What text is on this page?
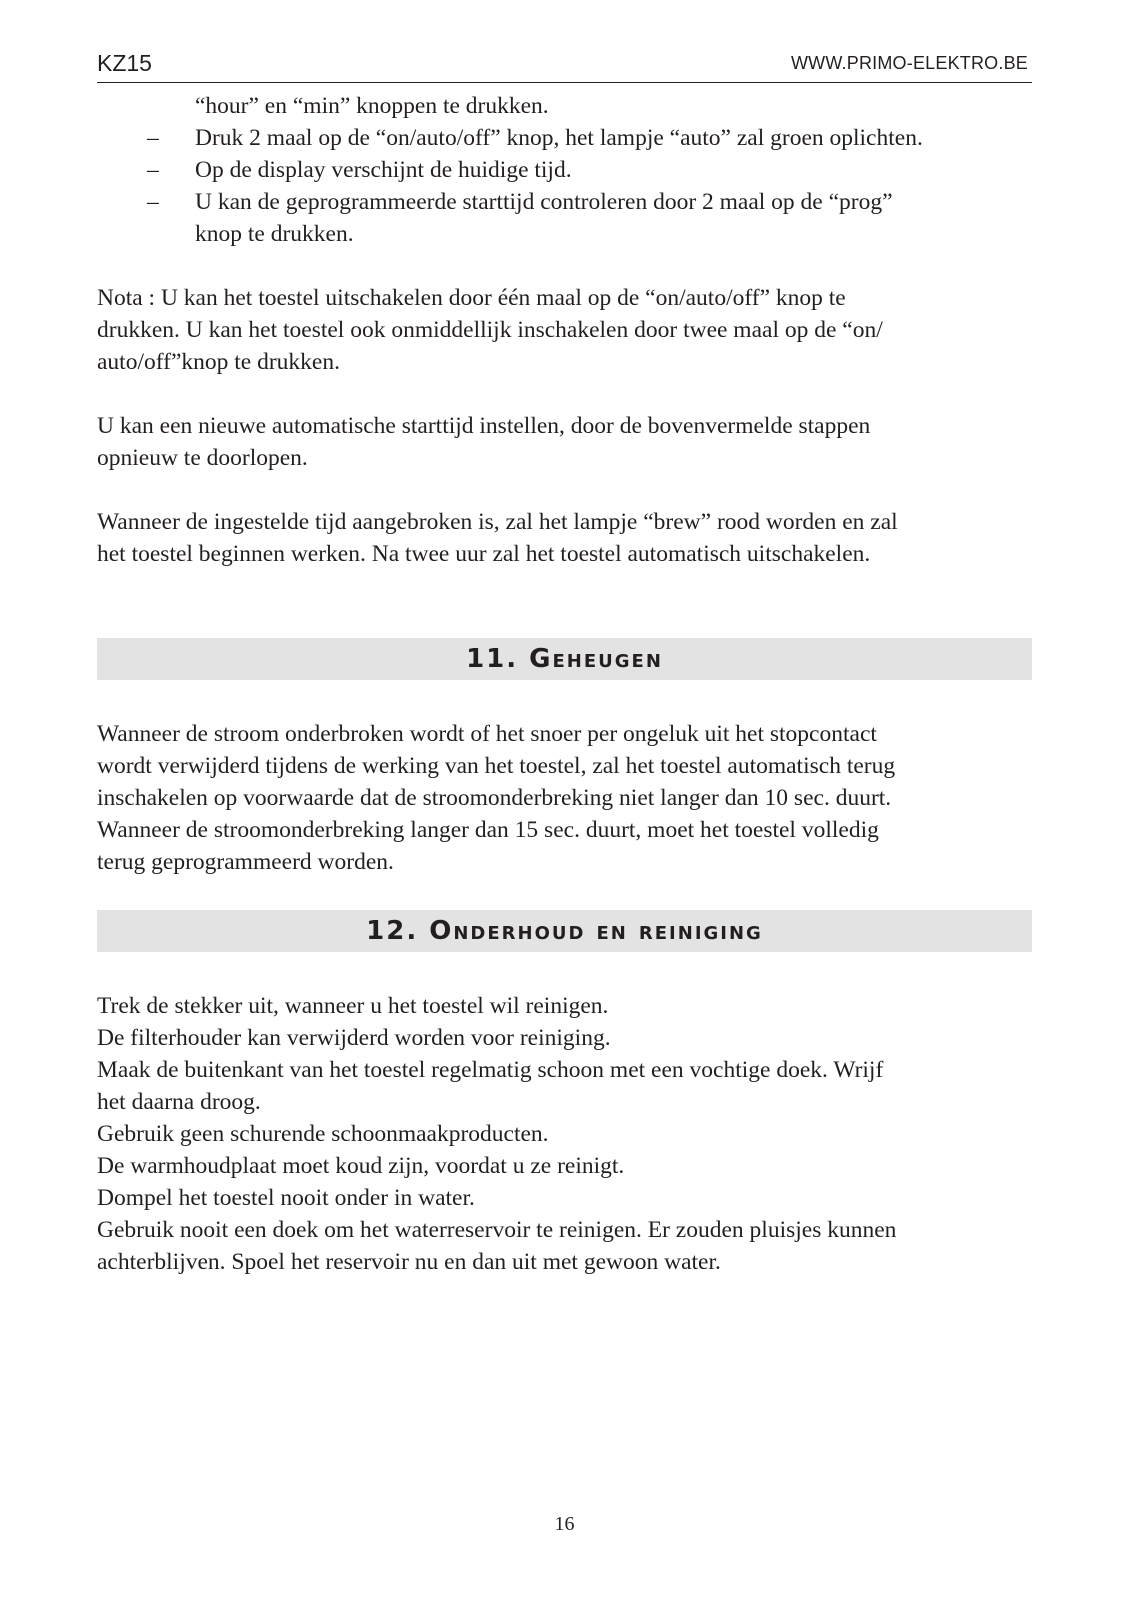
KZ15	WWW.PRIMO-ELEKTRO.BE
“hour” en “min” knoppen te drukken.
– Druk 2 maal op de “on/auto/off” knop, het lampje “auto” zal groen oplichten.
– Op de display verschijnt de huidige tijd.
– U kan de geprogrammeerde starttijd controleren door 2 maal op de “prog”
knop te drukken.
Nota : U kan het toestel uitschakelen door één maal op de “on/auto/off” knop te
drukken. U kan het toestel ook onmiddellijk inschakelen door twee maal op de “on/
auto/off”knop te drukken.
U kan een nieuwe automatische starttijd instellen, door de bovenvermelde stappen
opnieuw te doorlopen.
Wanneer de ingestelde tijd aangebroken is, zal het lampje “brew” rood worden en zal
het toestel beginnen werken. Na twee uur zal het toestel automatisch uitschakelen.
11. Geheugen
Wanneer de stroom onderbroken wordt of het snoer per ongeluk uit het stopcontact
wordt verwijderd tijdens de werking van het toestel, zal het toestel automatisch terug
inschakelen op voorwaarde dat de stroomonderbreking niet langer dan 10 sec. duurt.
Wanneer de stroomonderbreking langer dan 15 sec. duurt, moet het toestel volledig
terug geprogrammeerd worden.
12. Onderhoud en reiniging
Trek de stekker uit, wanneer u het toestel wil reinigen.
De filterhouder kan verwijderd worden voor reiniging.
Maak de buitenkant van het toestel regelmatig schoon met een vochtige doek. Wrijf
het daarna droog.
Gebruik geen schurende schoonmaakproducten.
De warmhoudplaat moet koud zijn, voordat u ze reinigt.
Dompel het toestel nooit onder in water.
Gebruik nooit een doek om het waterreservoir te reinigen. Er zouden pluisjes kunnen
achterblijven. Spoel het reservoir nu en dan uit met gewoon water.
16
